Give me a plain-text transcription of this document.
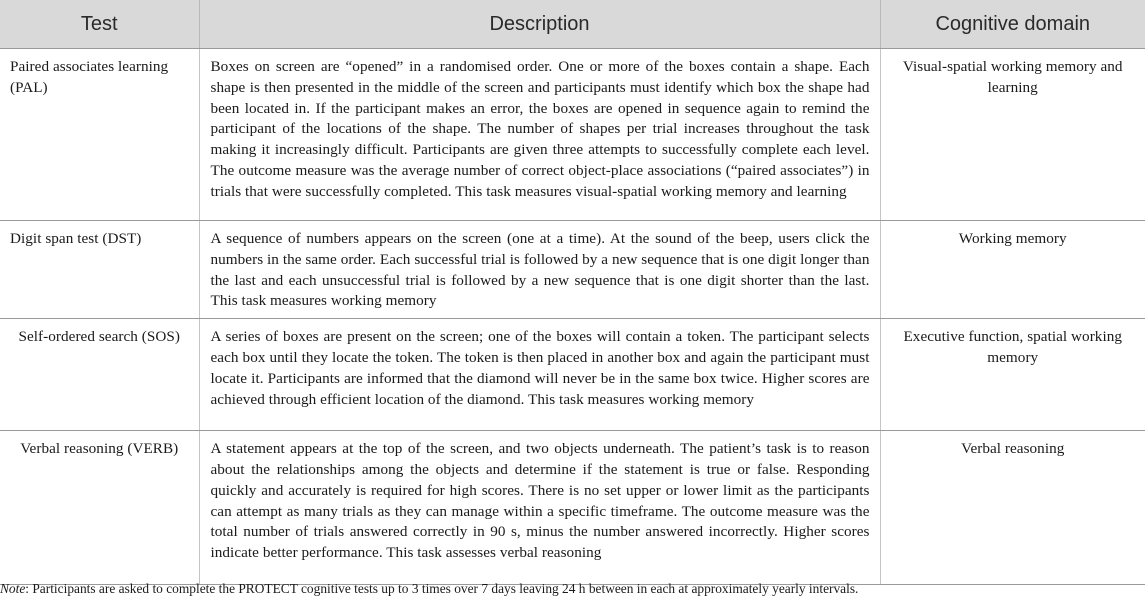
Test	Description	Cognitive domain
Paired associates learning (PAL)	Boxes on screen are “opened” in a randomised order. One or more of the boxes contain a shape. Each shape is then presented in the middle of the screen and participants must identify which box the shape had been located in. If the participant makes an error, the boxes are opened in sequence again to remind the participant of the locations of the shape. The number of shapes per trial increases throughout the task making it increasingly difficult. Participants are given three attempts to successfully complete each level. The outcome measure was the average number of correct object-place associations (“paired associates”) in trials that were successfully completed. This task measures visual-spatial working memory and learning	Visual-spatial working memory and learning
Digit span test (DST)	A sequence of numbers appears on the screen (one at a time). At the sound of the beep, users click the numbers in the same order. Each successful trial is followed by a new sequence that is one digit longer than the last and each unsuccessful trial is followed by a new sequence that is one digit shorter than the last. This task measures working memory	Working memory
Self-ordered search (SOS)	A series of boxes are present on the screen; one of the boxes will contain a token. The participant selects each box until they locate the token. The token is then placed in another box and again the participant must locate it. Participants are informed that the diamond will never be in the same box twice. Higher scores are achieved through efficient location of the diamond. This task measures working memory	Executive function, spatial working memory
Verbal reasoning (VERB)	A statement appears at the top of the screen, and two objects underneath. The patient’s task is to reason about the relationships among the objects and determine if the statement is true or false. Responding quickly and accurately is required for high scores. There is no set upper or lower limit as the participants can attempt as many trials as they can manage within a specific timeframe. The outcome measure was the total number of trials answered correctly in 90 s, minus the number answered incorrectly. Higher scores indicate better performance. This task assesses verbal reasoning	Verbal reasoning
Note: Participants are asked to complete the PROTECT cognitive tests up to 3 times over 7 days leaving 24 h between in each at approximately yearly intervals.
